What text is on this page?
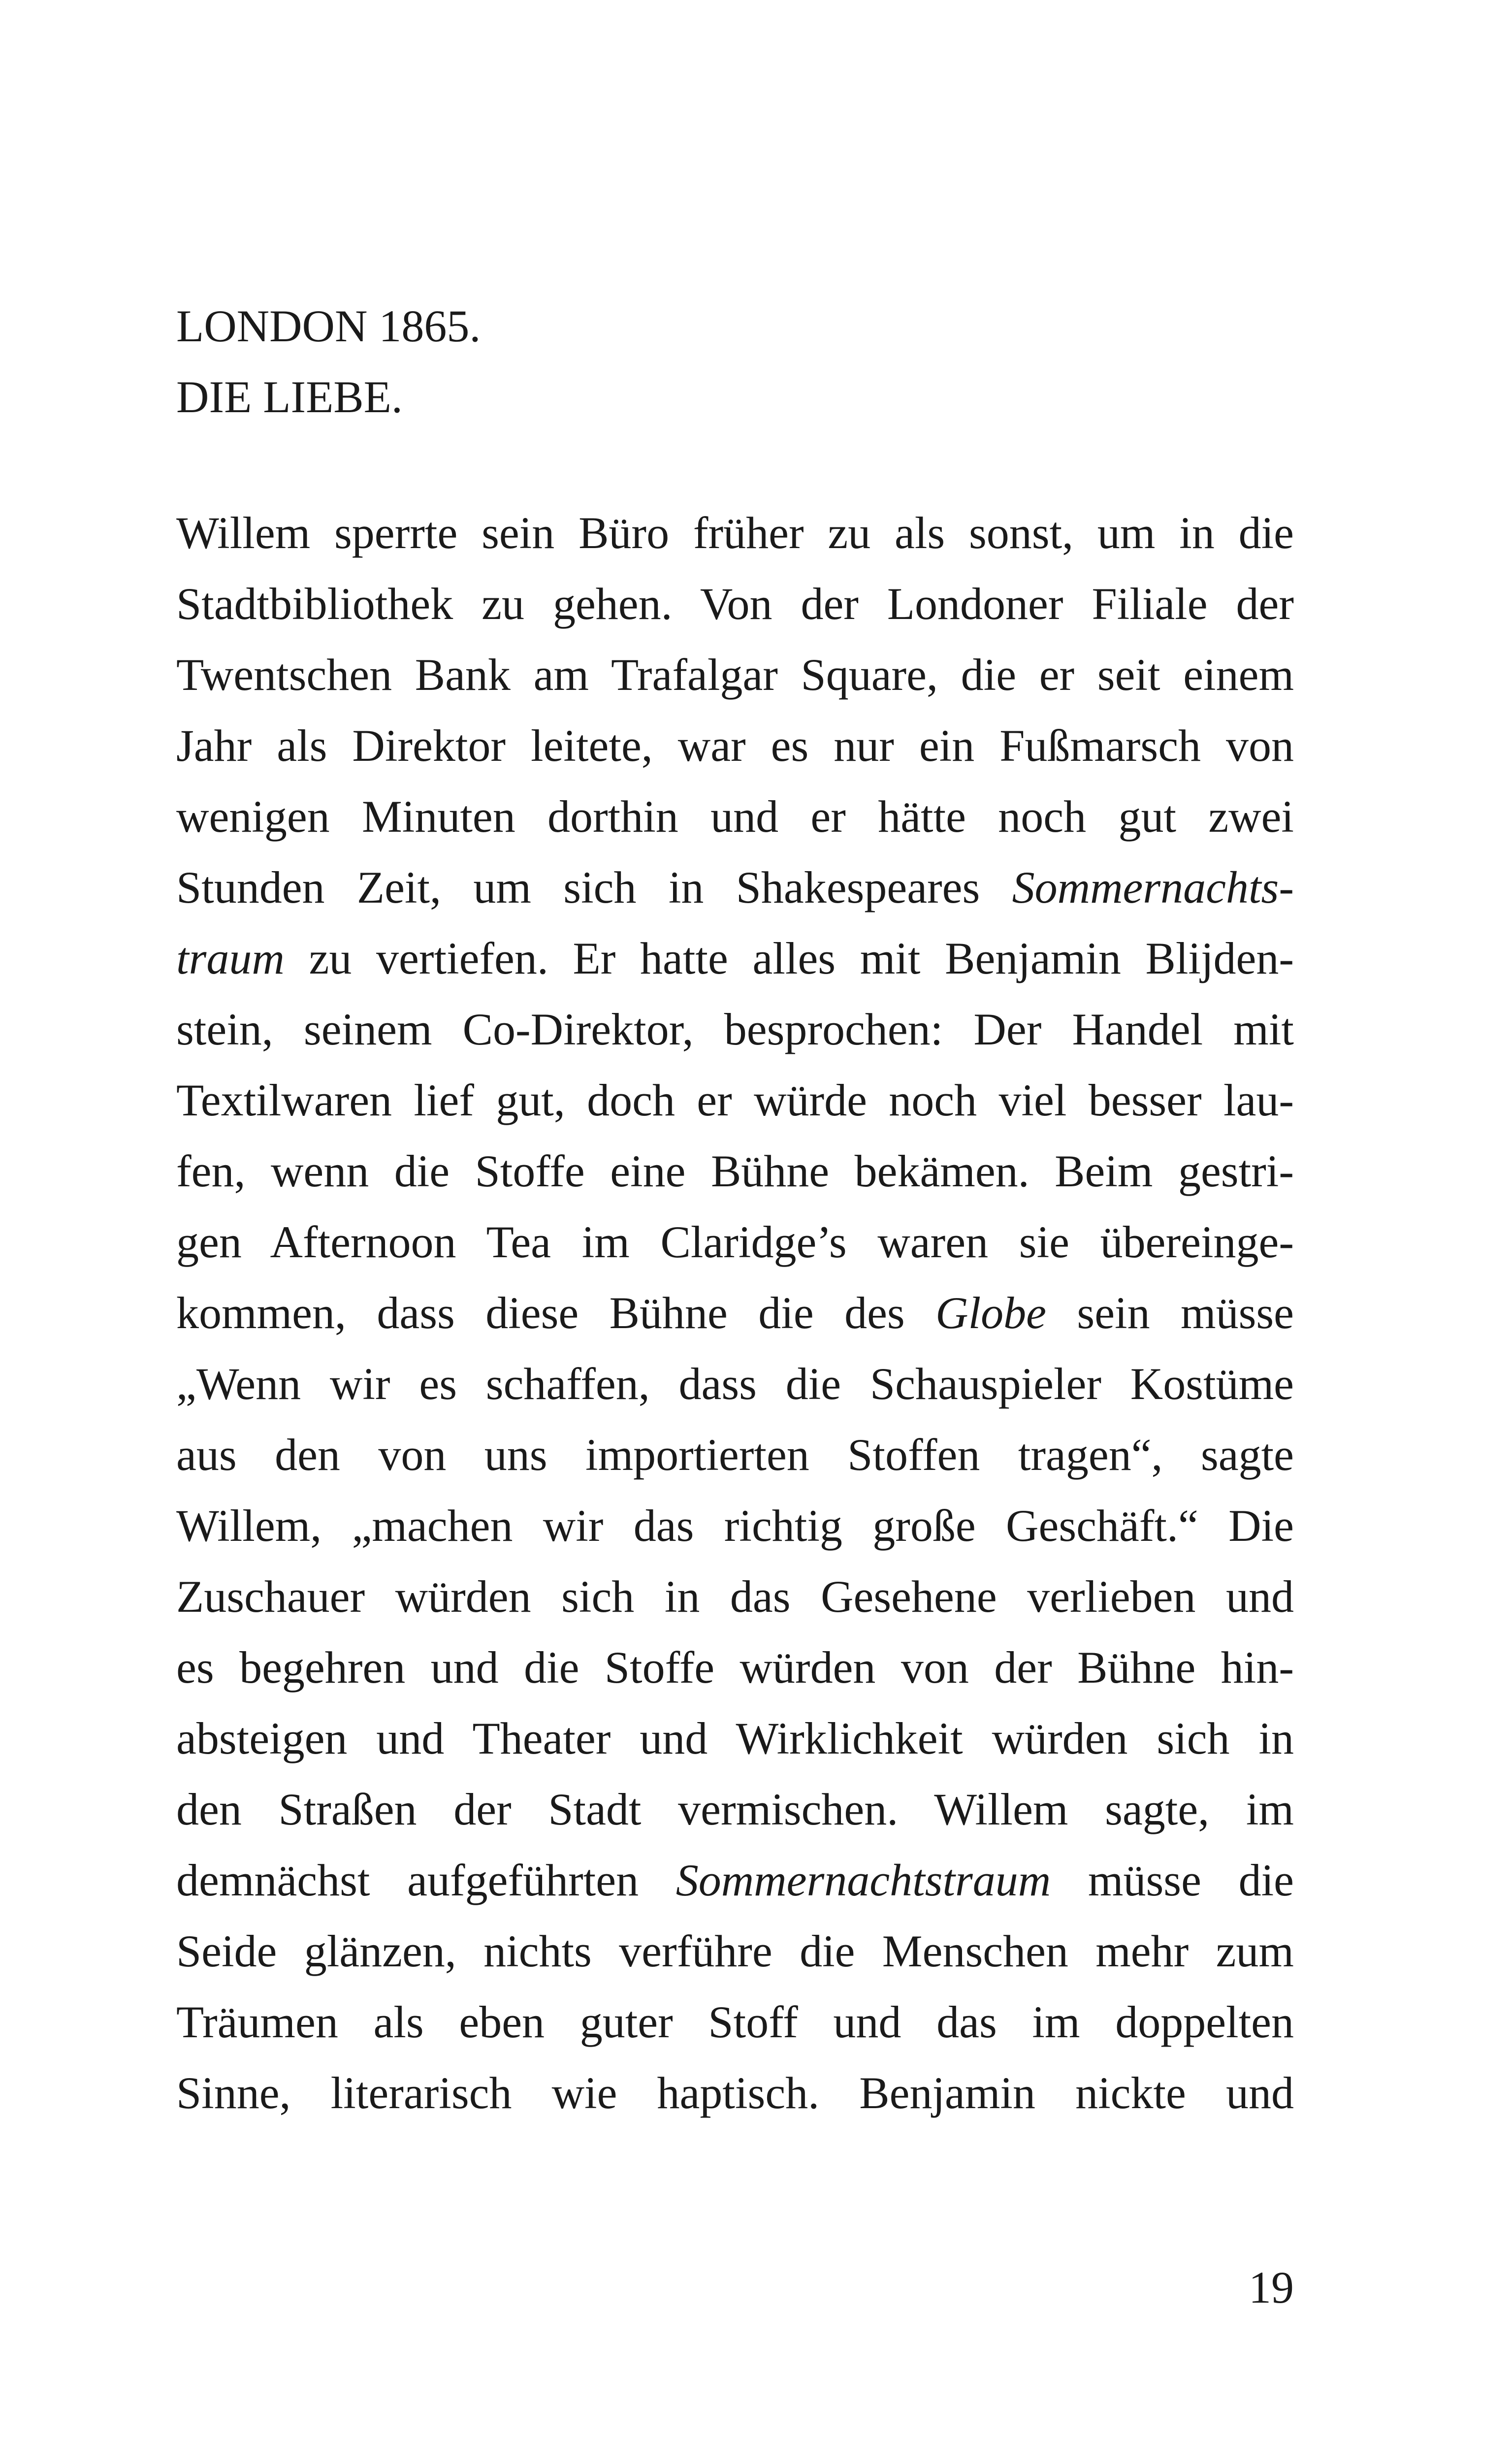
LONDON 1865.
DIE LIEBE.
Willem sperrte sein Büro früher zu als sonst, um in die
Stadtbibliothek zu gehen. Von der Londoner Filiale der
Twentschen Bank am Trafalgar Square, die er seit einem
Jahr als Direktor leitete, war es nur ein Fußmarsch von
wenigen Minuten dorthin und er hätte noch gut zwei
Stunden Zeit, um sich in Shakespeares Sommernachts-
traum zu vertiefen. Er hatte alles mit Benjamin Blijden-
stein, seinem Co-Direktor, besprochen: Der Handel mit
Textilwaren lief gut, doch er würde noch viel besser lau-
fen, wenn die Stoffe eine Bühne bekämen. Beim gestri-
gen Afternoon Tea im Claridge’s waren sie übereinge-
kommen, dass diese Bühne die des Globe sein müsse
„Wenn wir es schaffen, dass die Schauspieler Kostüme
aus den von uns importierten Stoffen tragen“, sagte
Willem, „machen wir das richtig große Geschäft.“ Die
Zuschauer würden sich in das Gesehene verlieben und
es begehren und die Stoffe würden von der Bühne hin-
absteigen und Theater und Wirklichkeit würden sich in
den Straßen der Stadt vermischen. Willem sagte, im
demnächst aufgeführten Sommernachtstraum müsse die
Seide glänzen, nichts verführe die Menschen mehr zum
Träumen als eben guter Stoff und das im doppelten
Sinne, literarisch wie haptisch. Benjamin nickte und
19
